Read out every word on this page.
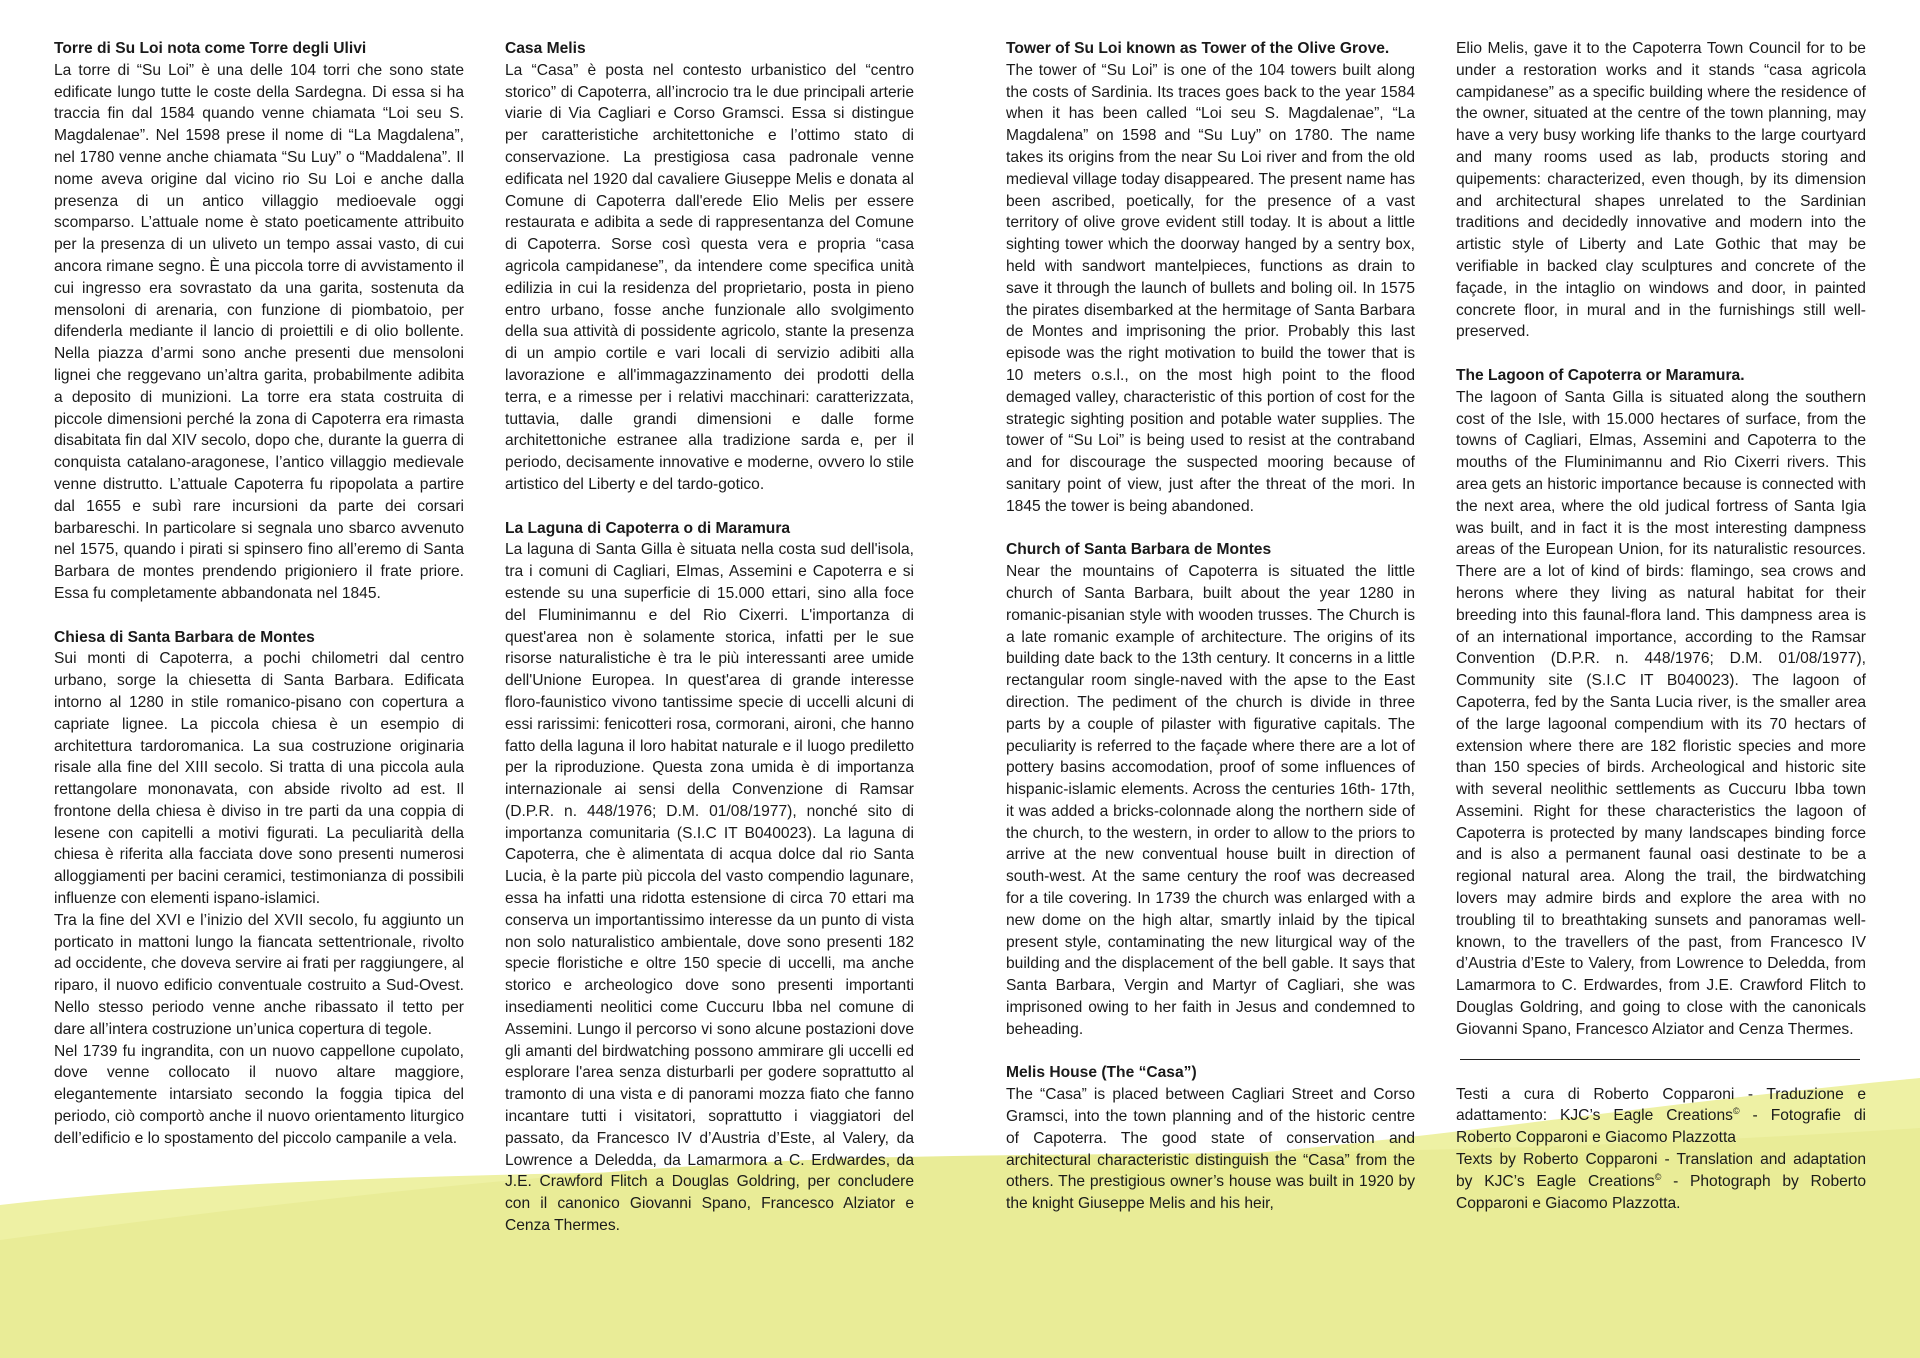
Torre di Su Loi nota come Torre degli Ulivi

La torre di “Su Loi” è una delle 104 torri che sono state edificate lungo tutte le coste della Sardegna. Di essa si ha traccia fin dal 1584 quando venne chiamata “Loi seu S. Magdalenae”. Nel 1598 prese il nome di “La Magdalena”, nel 1780 venne anche chiamata “Su Luy” o “Maddalena”. Il nome aveva origine dal vicino rio Su Loi e anche dalla presenza di un antico villaggio medioevale oggi scomparso. L’attuale nome è stato poeticamente attribuito per la presenza di un uliveto un tempo assai vasto, di cui ancora rimane segno. È una piccola torre di avvistamento il cui ingresso era sovrastato da una garita, sostenuta da mensoloni di arenaria, con funzione di piombatoio, per difenderla mediante il lancio di proiettili e di olio bollente. Nella piazza d’armi sono anche presenti due mensoloni lignei che reggevano un’altra garita, probabilmente adibita a deposito di munizioni. La torre era stata costruita di piccole dimensioni perché la zona di Capoterra era rimasta disabitata fin dal XIV secolo, dopo che, durante la guerra di conquista catalano-aragonese, l’antico villaggio medievale venne distrutto. L’attuale Capoterra fu ripopolata a partire dal 1655 e subì rare incursioni da parte dei corsari barbareschi. In particolare si segnala uno sbarco avvenuto nel 1575, quando i pirati si spinsero fino all’eremo di Santa Barbara de montes prendendo prigioniero il frate priore. Essa fu completamente abbandonata nel 1845.

Chiesa di Santa Barbara de Montes

Sui monti di Capoterra, a pochi chilometri dal centro urbano, sorge la chiesetta di Santa Barbara. Edificata intorno al 1280 in stile romanico-pisano con copertura a capriate lignee. La piccola chiesa è un esempio di architettura tardoromanica. La sua costruzione originaria risale alla fine del XIII secolo. Si tratta di una piccola aula rettangolare mononavata, con abside rivolto ad est. Il frontone della chiesa è diviso in tre parti da una coppia di lesene con capitelli a motivi figurati. La peculiarità della chiesa è riferita alla facciata dove sono presenti numerosi alloggiamenti per bacini ceramici, testimonianza di possibili influenze con elementi ispano-islamici.

Tra la fine del XVI e l’inizio del XVII secolo, fu aggiunto un porticato in mattoni lungo la fiancata settentrionale, rivolto ad occidente, che doveva servire ai frati per raggiungere, al riparo, il nuovo edificio conventuale costruito a Sud-Ovest. Nello stesso periodo venne anche ribassato il tetto per dare all’intera costruzione un’unica copertura di tegole.

Nel 1739 fu ingrandita, con un nuovo cappellone cupolato, dove venne collocato il nuovo altare maggiore, elegantemente intarsiato secondo la foggia tipica del periodo, ciò comportò anche il nuovo orientamento liturgico dell’edificio e lo spostamento del piccolo campanile a vela.

Casa Melis

La “Casa” è posta nel contesto urbanistico del “centro storico” di Capoterra, all’incrocio tra le due principali arterie viarie di Via Cagliari e Corso Gramsci. Essa si distingue per caratteristiche architettoniche e l’ottimo stato di conservazione. La prestigiosa casa padronale venne edificata nel 1920 dal cavaliere Giuseppe Melis e donata al Comune di Capoterra dall'erede Elio Melis per essere restaurata e adibita a sede di rappresentanza del Comune di Capoterra. Sorse così questa vera e propria “casa agricola campidanese”, da intendere come specifica unità edilizia in cui la residenza del proprietario, posta in pieno entro urbano, fosse anche funzionale allo svolgimento della sua attività di possidente agricolo, stante la presenza di un ampio cortile e vari locali di servizio adibiti alla lavorazione e all'immagazzinamento dei prodotti della terra, e a rimesse per i relativi macchinari: caratterizzata, tuttavia, dalle grandi dimensioni e dalle forme architettoniche estranee alla tradizione sarda e, per il periodo, decisamente innovative e moderne, ovvero lo stile artistico del Liberty e del tardo-gotico.

La Laguna di Capoterra o di Maramura

La laguna di Santa Gilla è situata nella costa sud dell'isola, tra i comuni di Cagliari, Elmas, Assemini e Capoterra e si estende su una superficie di 15.000 ettari, sino alla foce del Fluminimannu e del Rio Cixerri. L'importanza di quest'area non è solamente storica, infatti per le sue risorse naturalistiche è tra le più interessanti aree umide dell'Unione Europea. In quest'area di grande interesse floro-faunistico vivono tantissime specie di uccelli alcuni di essi rarissimi: fenicotteri rosa, cormorani, aironi, che hanno fatto della laguna il loro habitat naturale e il luogo prediletto per la riproduzione. Questa zona umida è di importanza internazionale ai sensi della Convenzione di Ramsar (D.P.R. n. 448/1976; D.M. 01/08/1977), nonché sito di importanza comunitaria (S.I.C IT B040023). La laguna di Capoterra, che è alimentata di acqua dolce dal rio Santa Lucia, è la parte più piccola del vasto compendio lagunare, essa ha infatti una ridotta estensione di circa 70 ettari ma conserva un importantissimo interesse da un punto di vista non solo naturalistico ambientale, dove sono presenti 182 specie floristiche e oltre 150 specie di uccelli, ma anche storico e archeologico dove sono presenti importanti insediamenti neolitici come Cuccuru Ibba nel comune di Assemini. Lungo il percorso vi sono alcune postazioni dove gli amanti del birdwatching possono ammirare gli uccelli ed esplorare l'area senza disturbarli per godere soprattutto al tramonto di una vista e di panorami mozza fiato che fanno incantare tutti i visitatori, soprattutto i viaggiatori del passato, da Francesco IV d’Austria d’Este, al Valery, da Lowrence a Deledda, da Lamarmora a C. Erdwardes, da J.E. Crawford Flitch a Douglas Goldring, per concludere con il canonico Giovanni Spano, Francesco Alziator e Cenza Thermes.

Tower of Su Loi known as Tower of the Olive Grove.

The tower of “Su Loi” is one of the 104 towers built along the costs of Sardinia. Its traces goes back to the year 1584 when it has been called “Loi seu S. Magdalenae”, “La Magdalena” on 1598 and “Su Luy” on 1780. The name takes its origins from the near Su Loi river and from the old medieval village today disappeared. The present name has been ascribed, poetically, for the presence of a vast territory of olive grove evident still today. It is about a little sighting tower which the doorway hanged by a sentry box, held with sandwort mantelpieces, functions as drain to save it through the launch of bullets and boling oil. In 1575 the pirates disembarked at the hermitage of Santa Barbara de Montes and imprisoning the prior. Probably this last episode was the right motivation to build the tower that is 10 meters o.s.l., on the most high point to the flood demaged valley, characteristic of this portion of cost for the strategic sighting position and potable water supplies. The tower of “Su Loi” is being used to resist at the contraband and for discourage the suspected mooring because of sanitary point of view, just after the threat of the mori. In 1845 the tower is being abandoned.

Church of Santa Barbara de Montes

Near the mountains of Capoterra is situated the little church of Santa Barbara, built about the year 1280 in romanic-pisanian style with wooden trusses. The Church is a late romanic example of architecture. The origins of its building date back to the 13th century. It concerns in a little rectangular room single-naved with the apse to the East direction. The pediment of the church is divide in three parts by a couple of pilaster with figurative capitals. The peculiarity is referred to the façade where there are a lot of pottery basins accomodation, proof of some influences of hispanic-islamic elements. Across the centuries 16th- 17th, it was added a bricks-colonnade along the northern side of the church, to the western, in order to allow to the priors to arrive at the new conventual house built in direction of south-west. At the same century the roof was decreased for a tile covering. In 1739 the church was enlarged with a new dome on the high altar, smartly inlaid by the tipical present style, contaminating the new liturgical way of the building and the displacement of the bell gable. It says that Santa Barbara, Vergin and Martyr of Cagliari, she was imprisoned owing to her faith in Jesus and condemned to beheading.

Melis House (The “Casa”)

The “Casa” is placed between Cagliari Street and Corso Gramsci, into the town planning and of the historic centre of Capoterra. The good state of conservation and architectural characteristic distinguish the “Casa” from the others. The prestigious owner’s house was built in 1920 by the knight Giuseppe Melis and his heir,

Elio Melis, gave it to the Capoterra Town Council for to be under a restoration works and it stands “casa agricola campidanese” as a specific building where the residence of the owner, situated at the centre of the town planning, may have a very busy working life thanks to the large courtyard and many rooms used as lab, products storing and quipements: characterized, even though, by its dimension and architectural shapes unrelated to the Sardinian traditions and decidedly innovative and modern into the artistic style of Liberty and Late Gothic that may be verifiable in backed clay sculptures and concrete of the façade, in the intaglio on windows and door, in painted concrete floor, in mural and in the furnishings still well-preserved.

The Lagoon of Capoterra or Maramura.

The lagoon of Santa Gilla is situated along the southern cost of the Isle, with 15.000 hectares of surface, from the towns of Cagliari, Elmas, Assemini and Capoterra to the mouths of the Fluminimannu and Rio Cixerri rivers. This area gets an historic importance because is connected with the next area, where the old judical fortress of Santa Igia was built, and in fact it is the most interesting dampness areas of the European Union, for its naturalistic resources. There are a lot of kind of birds: flamingo, sea crows and herons where they living as natural habitat for their breeding into this faunal-flora land. This dampness area is of an international importance, according to the Ramsar Convention (D.P.R. n. 448/1976; D.M. 01/08/1977), Community site (S.I.C IT B040023). The lagoon of Capoterra, fed by the Santa Lucia river, is the smaller area of the large lagoonal compendium with its 70 hectars of extension where there are 182 floristic species and more than 150 species of birds. Archeological and historic site with several neolithic settlements as Cuccuru Ibba town Assemini. Right for these characteristics the lagoon of Capoterra is protected by many landscapes binding force and is also a permanent faunal oasi destinate to be a regional natural area. Along the trail, the birdwatching lovers may admire birds and explore the area with no troubling til to breathtaking sunsets and panoramas well-known, to the travellers of the past, from Francesco IV d’Austria d’Este to Valery, from Lowrence to Deledda, from Lamarmora to C. Erdwardes, from J.E. Crawford Flitch to Douglas Goldring, and going to close with the canonicals Giovanni Spano, Francesco Alziator and Cenza Thermes.

Testi a cura di Roberto Copparoni - Traduzione e adattamento: KJC’s Eagle Creations© - Fotografie di Roberto Copparoni e Giacomo Plazzotta

Texts by Roberto Copparoni - Translation and adaptation by KJC’s Eagle Creations© - Photograph by Roberto Copparoni e Giacomo Plazzotta.
